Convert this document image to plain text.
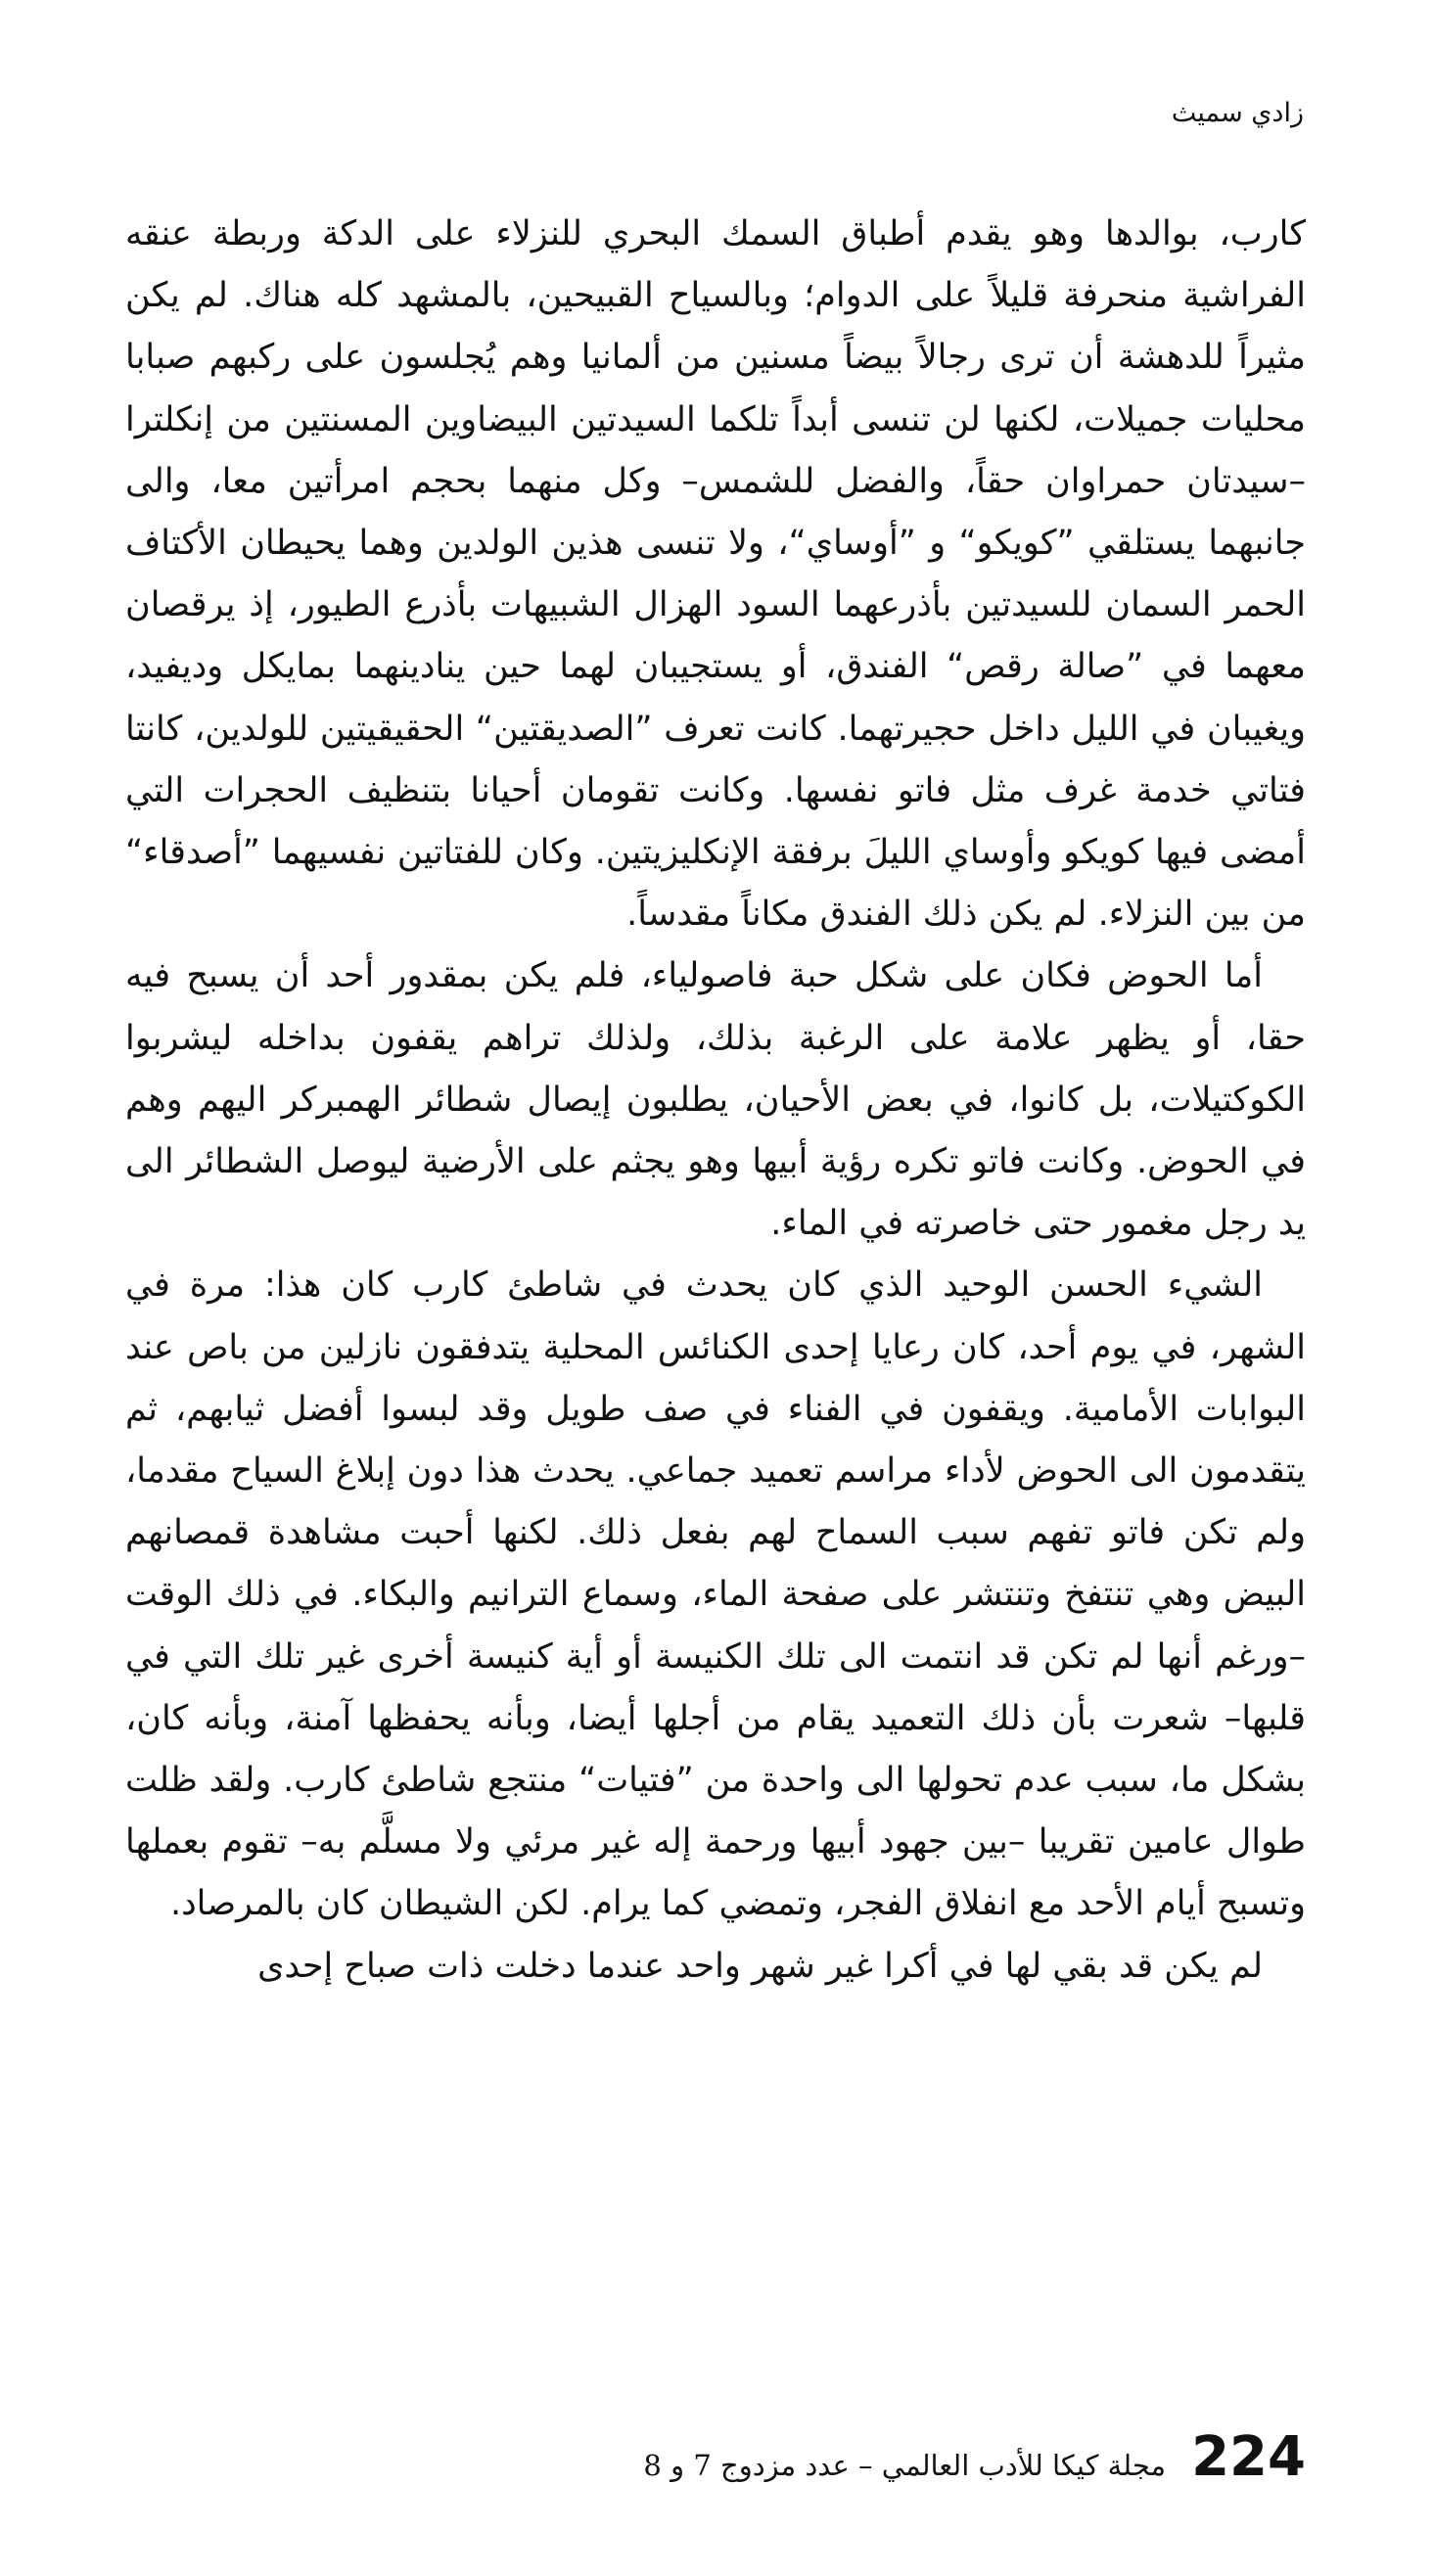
زادي سميث

كارب، بوالدها وهو يقدم أطباق السمك البحري للنزلاء على الدكة وربطة عنقه الفراشية منحرفة قليلاً على الدوام؛ وبالسياح القبيحين، بالمشهد كله هناك. لم يكن مثيراً للدهشة أن ترى رجالاً بيضاً مسنين من ألمانيا وهم يُجلسون على ركبهم صبابا محليات جميلات، لكنها لن تنسى أبداً تلكما السيدتين البيضاوين المسنتين من إنكلترا –سيدتان حمراوان حقاً، والفضل للشمس– وكل منهما بحجم امرأتين معا، والى جانبهما يستلقي ”كويكو“ و ”أوساي“، ولا تنسى هذين الولدين وهما يحيطان الأكتاف الحمر السمان للسيدتين بأذرعهما السود الهزال الشبيهات بأذرع الطيور، إذ يرقصان معهما في ”صالة رقص“ الفندق، أو يستجيبان لهما حين ينادينهما بمايكل وديفيد، ويغيبان في الليل داخل حجيرتهما. كانت تعرف ”الصديقتين“ الحقيقيتين للولدين، كانتا فتاتي خدمة غرف مثل فاتو نفسها. وكانت تقومان أحيانا بتنظيف الحجرات التي أمضى فيها كويكو وأوساي الليلَ برفقة الإنكليزيتين. وكان للفتاتين نفسيهما ”أصدقاء“ من بين النزلاء. لم يكن ذلك الفندق مكاناً مقدساً.

أما الحوض فكان على شكل حبة فاصولياء، فلم يكن بمقدور أحد أن يسبح فيه حقا، أو يظهر علامة على الرغبة بذلك، ولذلك تراهم يقفون بداخله ليشربوا الكوكتيلات، بل كانوا، في بعض الأحيان، يطلبون إيصال شطائر الهمبركر اليهم وهم في الحوض. وكانت فاتو تكره رؤية أبيها وهو يجثم على الأرضية ليوصل الشطائر الى يد رجل مغمور حتى خاصرته في الماء.

الشيء الحسن الوحيد الذي كان يحدث في شاطئ كارب كان هذا: مرة في الشهر، في يوم أحد، كان رعايا إحدى الكنائس المحلية يتدفقون نازلين من باص عند البوابات الأمامية. ويقفون في الفناء في صف طويل وقد لبسوا أفضل ثيابهم، ثم يتقدمون الى الحوض لأداء مراسم تعميد جماعي. يحدث هذا دون إبلاغ السياح مقدما، ولم تكن فاتو تفهم سبب السماح لهم بفعل ذلك. لكنها أحبت مشاهدة قمصانهم البيض وهي تنتفخ وتنتشر على صفحة الماء، وسماع الترانيم والبكاء. في ذلك الوقت –ورغم أنها لم تكن قد انتمت الى تلك الكنيسة أو أية كنيسة أخرى غير تلك التي في قلبها– شعرت بأن ذلك التعميد يقام من أجلها أيضا، وبأنه يحفظها آمنة، وبأنه كان، بشكل ما، سبب عدم تحولها الى واحدة من ”فتيات“ منتجع شاطئ كارب. ولقد ظلت طوال عامين تقريبا –بين جهود أبيها ورحمة إله غير مرئي ولا مسلَّم به– تقوم بعملها وتسبح أيام الأحد مع انفلاق الفجر، وتمضي كما يرام. لكن الشيطان كان بالمرصاد.

لم يكن قد بقي لها في أكرا غير شهر واحد عندما دخلت ذات صباح إحدى

224
مجلة كيكا للأدب العالمي – عدد مزدوج 7 و 8
